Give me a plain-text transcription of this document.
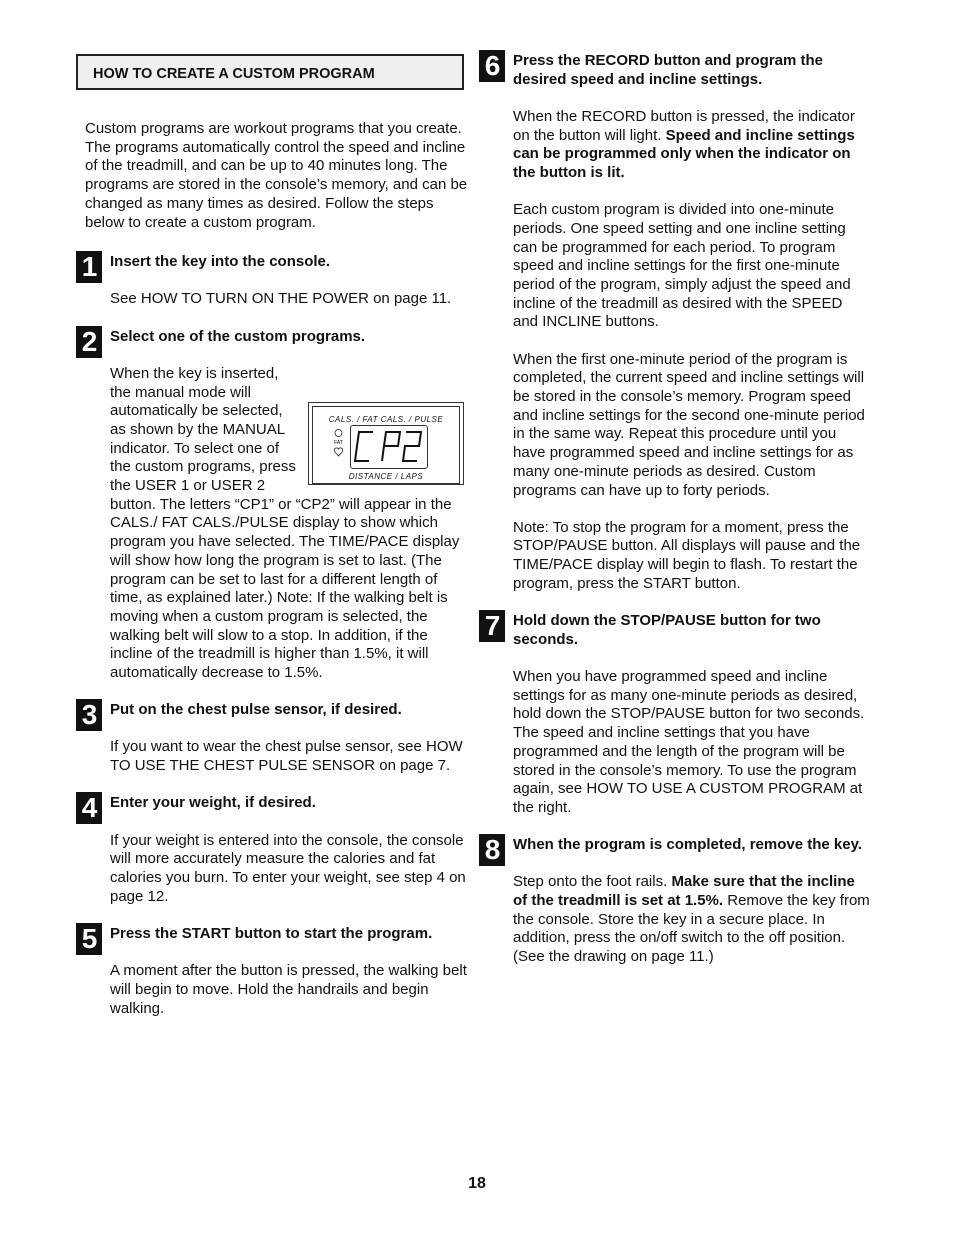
HOW TO CREATE A CUSTOM PROGRAM

Custom programs are workout programs that you create. The programs automatically control the speed and incline of the treadmill, and can be up to 40 minutes long. The programs are stored in the console’s memory, and can be changed as many times as desired. Follow the steps below to create a custom program.

1 Insert the key into the console.

See HOW TO TURN ON THE POWER on page 11.

2 Select one of the custom programs.

CALS. / FAT CALS. / PULSE
FAT
DISTANCE / LAPS
When the key is inserted, the manual mode will automatically be selected, as shown by the MANUAL indicator. To select one of the custom programs, press the USER 1 or USER 2 button. The letters “CP1” or “CP2” will appear in the CALS./ FAT CALS./PULSE display to show which program you have selected. The TIME/PACE display will show how long the program is set to last. (The program can be set to last for a different length of time, as explained later.) Note: If the walking belt is moving when a custom program is selected, the walking belt will slow to a stop. In addition, if the incline of the treadmill is higher than 1.5%, it will automatically decrease to 1.5%.
3 Put on the chest pulse sensor, if desired.

If you want to wear the chest pulse sensor, see HOW TO USE THE CHEST PULSE SENSOR on page 7.

4 Enter your weight, if desired.

If your weight is entered into the console, the console will more accurately measure the calories and fat calories you burn. To enter your weight, see step 4 on page 12.

5 Press the START button to start the program.

A moment after the button is pressed, the walking belt will begin to move. Hold the handrails and begin walking.

6 Press the RECORD button and program the desired speed and incline settings.

When the RECORD button is pressed, the indicator on the button will light. Speed and incline settings can be programmed only when the indicator on the button is lit.

Each custom program is divided into one-minute periods. One speed setting and one incline setting can be programmed for each period. To program speed and incline settings for the first one-minute period of the program, simply adjust the speed and incline of the treadmill as desired with the SPEED and INCLINE buttons.

When the first one-minute period of the program is completed, the current speed and incline settings will be stored in the console’s memory. Program speed and incline settings for the second one-minute period in the same way. Repeat this procedure until you have programmed speed and incline settings for as many one-minute periods as desired. Custom programs can have up to forty periods.

Note: To stop the program for a moment, press the STOP/PAUSE button. All displays will pause and the TIME/PACE display will begin to flash. To restart the program, press the START button.

7 Hold down the STOP/PAUSE button for two seconds.

When you have programmed speed and incline settings for as many one-minute periods as desired, hold down the STOP/PAUSE button for two seconds. The speed and incline settings that you have programmed and the length of the program will be stored in the console’s memory. To use the program again, see HOW TO USE A CUSTOM PROGRAM at the right.

8 When the program is completed, remove the key.

Step onto the foot rails. Make sure that the incline of the treadmill is set at 1.5%. Remove the key from the console. Store the key in a secure place. In addition, press the on/off switch to the off position. (See the drawing on page 11.)

18
